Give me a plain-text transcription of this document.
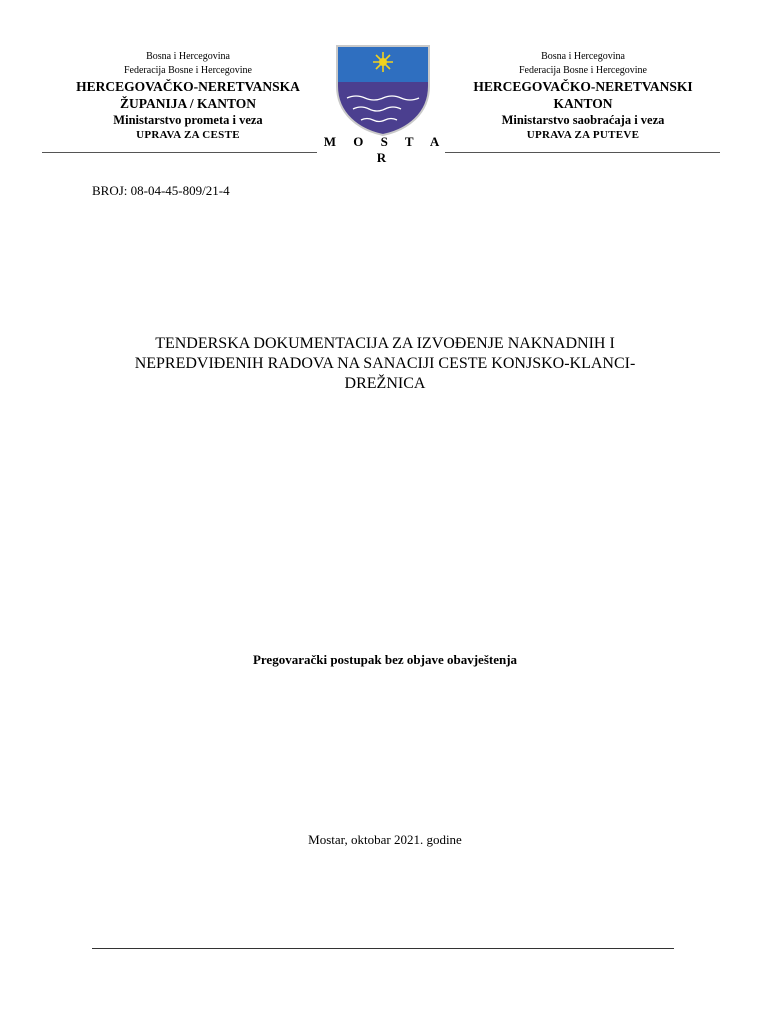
Bosna i Hercegovina
Federacija Bosne i Hercegovine
HERCEGOVAČKO-NERETVANSKA
ŽUPANIJA / KANTON
Ministarstvo prometa i veza
UPRAVA ZA CESTE	M O S T A R
Bosna i Hercegovina
Federacija Bosne i Hercegovine
HERCEGOVAČKO-NERETVANSKI
KANTON
Ministarstvo saobraćaja i veza
UPRAVA ZA PUTEVE
BROJ: 08-04-45-809/21-4
TENDERSKA DOKUMENTACIJA ZA IZVOĐENJE NAKNADNIH I
NEPREDVIĐENIH RADOVA NA SANACIJI CESTE KONJSKO-KLANCI-
DREŽNICA
Pregovarački postupak bez objave obavještenja
Mostar, oktobar 2021. godine
